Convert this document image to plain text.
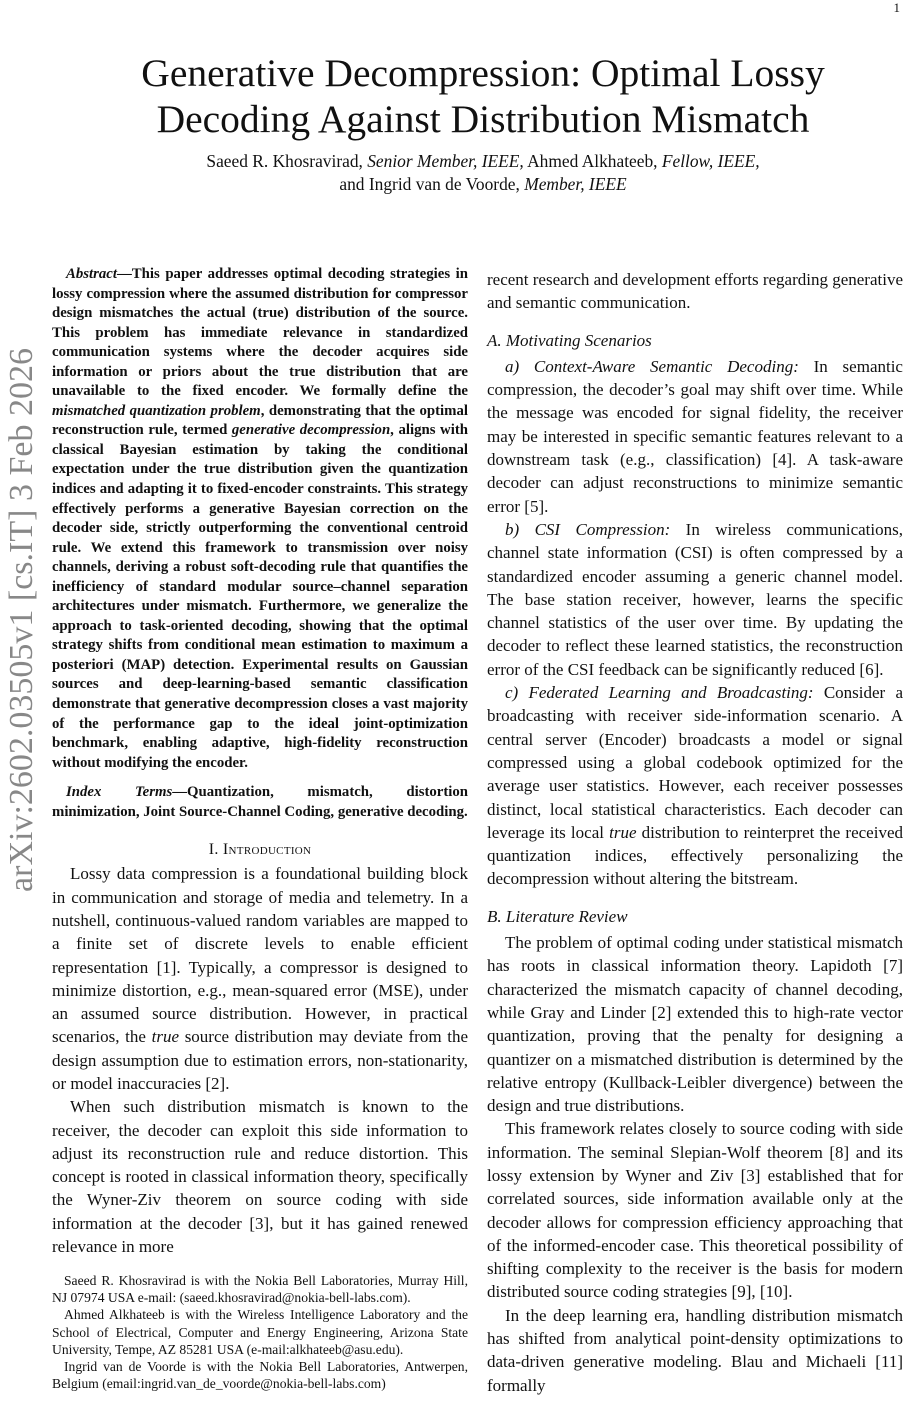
1
Generative Decompression: Optimal Lossy
Decoding Against Distribution Mismatch
Saeed R. Khosravirad, Senior Member, IEEE, Ahmed Alkhateeb, Fellow, IEEE,
and Ingrid van de Voorde, Member, IEEE
arXiv:2602.03505v1 [cs.IT] 3 Feb 2026

Abstract—This paper addresses optimal decoding strategies in lossy compression where the assumed distribution for compressor design mismatches the actual (true) distribution of the source. This problem has immediate relevance in standardized communication systems where the decoder acquires side information or priors about the true distribution that are unavailable to the fixed encoder. We formally define the mismatched quantization problem, demonstrating that the optimal reconstruction rule, termed generative decompression, aligns with classical Bayesian estimation by taking the conditional expectation under the true distribution given the quantization indices and adapting it to fixed-encoder constraints. This strategy effectively performs a generative Bayesian correction on the decoder side, strictly outperforming the conventional centroid rule. We extend this framework to transmission over noisy channels, deriving a robust soft-decoding rule that quantifies the inefficiency of standard modular source–channel separation architectures under mismatch. Furthermore, we generalize the approach to task-oriented decoding, showing that the optimal strategy shifts from conditional mean estimation to maximum a posteriori (MAP) detection. Experimental results on Gaussian sources and deep-learning-based semantic classification demonstrate that generative decompression closes a vast majority of the performance gap to the ideal joint-optimization benchmark, enabling adaptive, high-fidelity reconstruction without modifying the encoder.

Index Terms—Quantization, mismatch, distortion minimization, Joint Source-Channel Coding, generative decoding.

I. Introduction

Lossy data compression is a foundational building block in communication and storage of media and telemetry. In a nutshell, continuous-valued random variables are mapped to a finite set of discrete levels to enable efficient representation [1]. Typically, a compressor is designed to minimize distortion, e.g., mean-squared error (MSE), under an assumed source distribution. However, in practical scenarios, the true source distribution may deviate from the design assumption due to estimation errors, non-stationarity, or model inaccuracies [2].

When such distribution mismatch is known to the receiver, the decoder can exploit this side information to adjust its reconstruction rule and reduce distortion. This concept is rooted in classical information theory, specifically the Wyner-Ziv theorem on source coding with side information at the decoder [3], but it has gained renewed relevance in more

recent research and development efforts regarding generative and semantic communication.

A. Motivating Scenarios

a) Context-Aware Semantic Decoding: In semantic compression, the decoder’s goal may shift over time. While the message was encoded for signal fidelity, the receiver may be interested in specific semantic features relevant to a downstream task (e.g., classification) [4]. A task-aware decoder can adjust reconstructions to minimize semantic error [5].

b) CSI Compression: In wireless communications, channel state information (CSI) is often compressed by a standardized encoder assuming a generic channel model. The base station receiver, however, learns the specific channel statistics of the user over time. By updating the decoder to reflect these learned statistics, the reconstruction error of the CSI feedback can be significantly reduced [6].

c) Federated Learning and Broadcasting: Consider a broadcasting with receiver side-information scenario. A central server (Encoder) broadcasts a model or signal compressed using a global codebook optimized for the average user statistics. However, each receiver possesses distinct, local statistical characteristics. Each decoder can leverage its local true distribution to reinterpret the received quantization indices, effectively personalizing the decompression without altering the bitstream.

B. Literature Review

The problem of optimal coding under statistical mismatch has roots in classical information theory. Lapidoth [7] characterized the mismatch capacity of channel decoding, while Gray and Linder [2] extended this to high-rate vector quantization, proving that the penalty for designing a quantizer on a mismatched distribution is determined by the relative entropy (Kullback-Leibler divergence) between the design and true distributions.

This framework relates closely to source coding with side information. The seminal Slepian-Wolf theorem [8] and its lossy extension by Wyner and Ziv [3] established that for correlated sources, side information available only at the decoder allows for compression efficiency approaching that of the informed-encoder case. This theoretical possibility of shifting complexity to the receiver is the basis for modern distributed source coding strategies [9], [10].

In the deep learning era, handling distribution mismatch has shifted from analytical point-density optimizations to data-driven generative modeling. Blau and Michaeli [11] formally

Saeed R. Khosravirad is with the Nokia Bell Laboratories, Murray Hill, NJ 07974 USA e-mail: (saeed.khosravirad@nokia-bell-labs.com).

Ahmed Alkhateeb is with the Wireless Intelligence Laboratory and the School of Electrical, Computer and Energy Engineering, Arizona State University, Tempe, AZ 85281 USA (e-mail:alkhateeb@asu.edu).

Ingrid van de Voorde is with the Nokia Bell Laboratories, Antwerpen, Belgium (email:ingrid.van_de_voorde@nokia-bell-labs.com)
